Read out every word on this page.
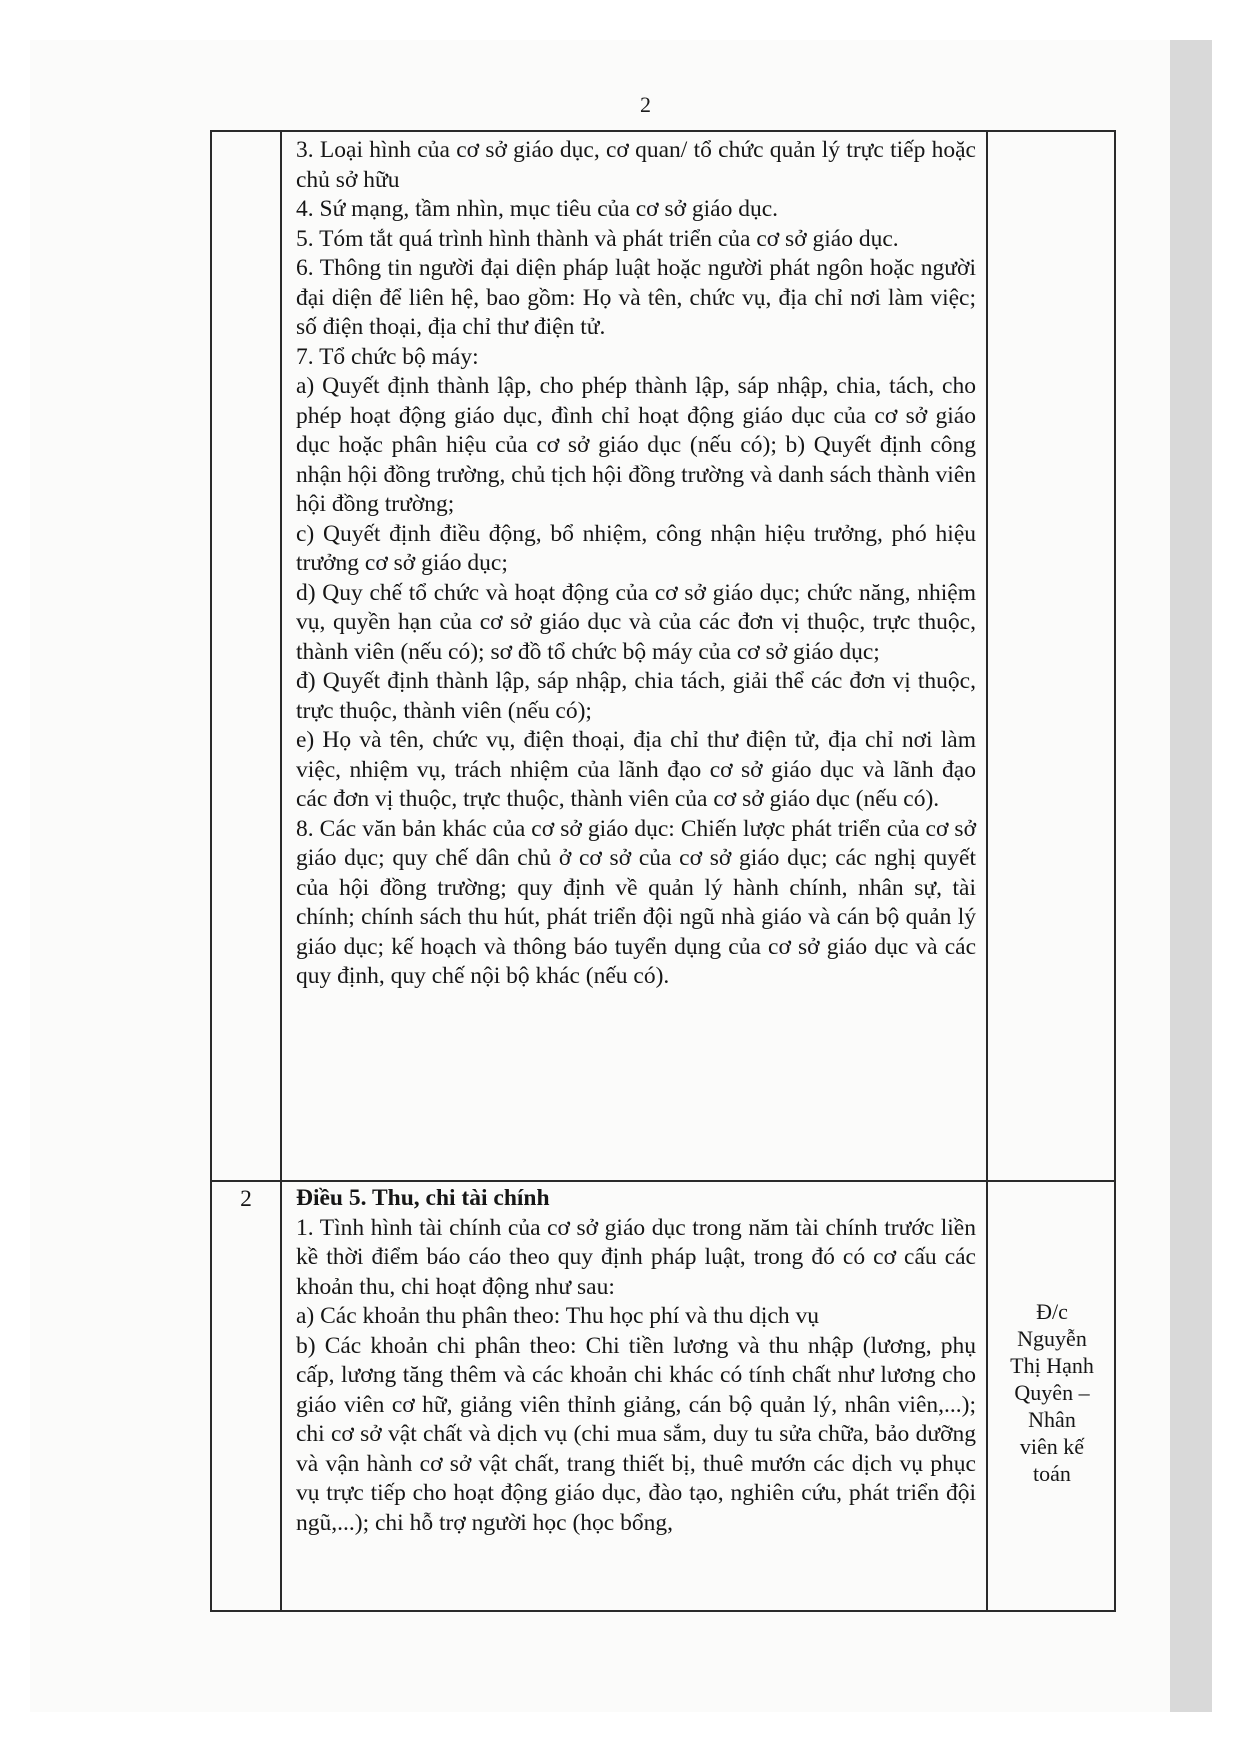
2

3. Loại hình của cơ sở giáo dục, cơ quan/ tổ chức quản lý trực tiếp hoặc chủ sở hữu

4. Sứ mạng, tầm nhìn, mục tiêu của cơ sở giáo dục.

5. Tóm tắt quá trình hình thành và phát triển của cơ sở giáo dục.

6. Thông tin người đại diện pháp luật hoặc người phát ngôn hoặc người đại diện để liên hệ, bao gồm: Họ và tên, chức vụ, địa chỉ nơi làm việc; số điện thoại, địa chỉ thư điện tử.

7. Tổ chức bộ máy:

a) Quyết định thành lập, cho phép thành lập, sáp nhập, chia, tách, cho phép hoạt động giáo dục, đình chỉ hoạt động giáo dục của cơ sở giáo dục hoặc phân hiệu của cơ sở giáo dục (nếu có); b) Quyết định công nhận hội đồng trường, chủ tịch hội đồng trường và danh sách thành viên hội đồng trường;

c) Quyết định điều động, bổ nhiệm, công nhận hiệu trưởng, phó hiệu trưởng cơ sở giáo dục;

d) Quy chế tổ chức và hoạt động của cơ sở giáo dục; chức năng, nhiệm vụ, quyền hạn của cơ sở giáo dục và của các đơn vị thuộc, trực thuộc, thành viên (nếu có); sơ đồ tổ chức bộ máy của cơ sở giáo dục;

đ) Quyết định thành lập, sáp nhập, chia tách, giải thể các đơn vị thuộc, trực thuộc, thành viên (nếu có);

e) Họ và tên, chức vụ, điện thoại, địa chỉ thư điện tử, địa chỉ nơi làm việc, nhiệm vụ, trách nhiệm của lãnh đạo cơ sở giáo dục và lãnh đạo các đơn vị thuộc, trực thuộc, thành viên của cơ sở giáo dục (nếu có).

8. Các văn bản khác của cơ sở giáo dục: Chiến lược phát triển của cơ sở giáo dục; quy chế dân chủ ở cơ sở của cơ sở giáo dục; các nghị quyết của hội đồng trường; quy định về quản lý hành chính, nhân sự, tài chính; chính sách thu hút, phát triển đội ngũ nhà giáo và cán bộ quản lý giáo dục; kế hoạch và thông báo tuyển dụng của cơ sở giáo dục và các quy định, quy chế nội bộ khác (nếu có).

2	Điều 5. Thu, chi tài chính

1. Tình hình tài chính của cơ sở giáo dục trong năm tài chính trước liền kề thời điểm báo cáo theo quy định pháp luật, trong đó có cơ cấu các khoản thu, chi hoạt động như sau:

a) Các khoản thu phân theo: Thu học phí và thu dịch vụ

b) Các khoản chi phân theo: Chi tiền lương và thu nhập (lương, phụ cấp, lương tăng thêm và các khoản chi khác có tính chất như lương cho giáo viên cơ hữ, giảng viên thỉnh giảng, cán bộ quản lý, nhân viên,...); chi cơ sở vật chất và dịch vụ (chi mua sắm, duy tu sửa chữa, bảo dưỡng và vận hành cơ sở vật chất, trang thiết bị, thuê mướn các dịch vụ phục vụ trực tiếp cho hoạt động giáo dục, đào tạo, nghiên cứu, phát triển đội ngũ,...); chi hỗ trợ người học (học bổng,

Đ/c
Nguyễn
Thị Hạnh
Quyên –
Nhân
viên kế
toán
